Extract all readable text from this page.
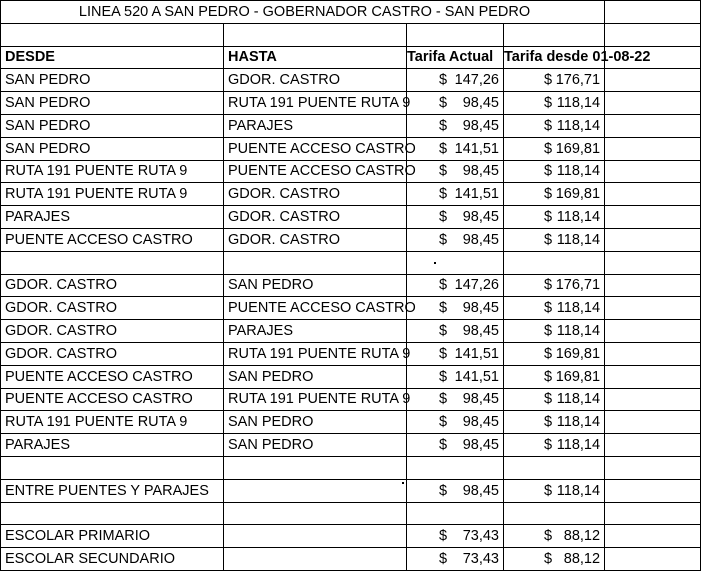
LINEA 520 A SAN PEDRO - GOBERNADOR CASTRO - SAN PEDRO				

DESDE	HASTA	Tarifa Actual	Tarifa desde 01-08-22	
SAN PEDRO	GDOR. CASTRO	$ 147,26	$ 176,71	

SAN PEDRO	RUTA 191 PUENTE RUTA 9	$ 98,45	$ 118,14	

SAN PEDRO	PARAJES	$ 98,45	$ 118,14	

SAN PEDRO	PUENTE ACCESO CASTRO	$ 141,51	$ 169,81	

RUTA 191 PUENTE RUTA 9	PUENTE ACCESO CASTRO	$ 98,45	$ 118,14	

RUTA 191 PUENTE RUTA 9	GDOR. CASTRO	$ 141,51	$ 169,81	

PARAJES	GDOR. CASTRO	$ 98,45	$ 118,14	

PUENTE ACCESO CASTRO	GDOR. CASTRO	$ 98,45	$ 118,14	

GDOR. CASTRO	SAN PEDRO	$ 147,26	$ 176,71	

GDOR. CASTRO	PUENTE ACCESO CASTRO	$ 98,45	$ 118,14	

GDOR. CASTRO	PARAJES	$ 98,45	$ 118,14	

GDOR. CASTRO	RUTA 191 PUENTE RUTA 9	$ 141,51	$ 169,81	

PUENTE ACCESO CASTRO	SAN PEDRO	$ 141,51	$ 169,81	

PUENTE ACCESO CASTRO	RUTA 191 PUENTE RUTA 9	$ 98,45	$ 118,14	

RUTA 191 PUENTE RUTA 9	SAN PEDRO	$ 98,45	$ 118,14	

PARAJES	SAN PEDRO	$ 98,45	$ 118,14	

ENTRE PUENTES Y PARAJES		$ 98,45	$ 118,14	

ESCOLAR PRIMARIO		$ 73,43	$ 88,12	

ESCOLAR SECUNDARIO		$ 73,43	$ 88,12	
